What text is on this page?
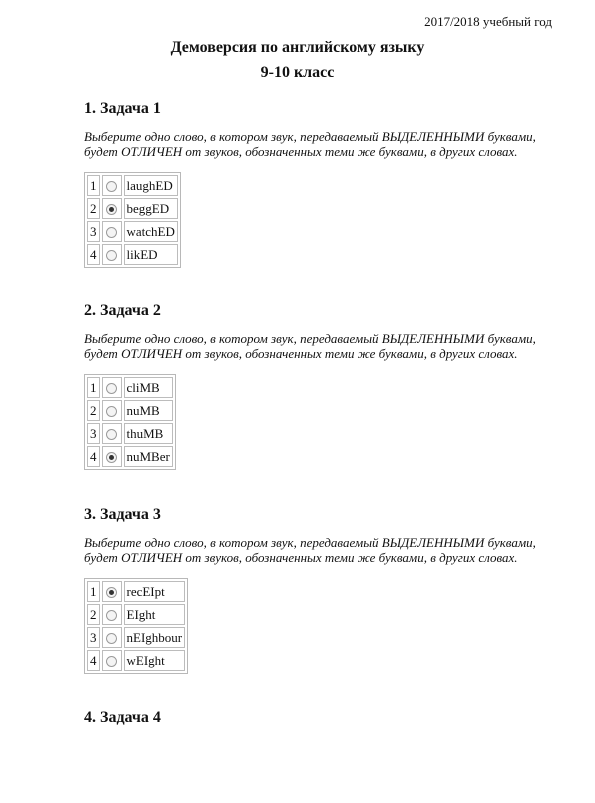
2017/2018 учебный год
Демоверсия по английскому языку
9-10 класс
1. Задача 1

Выберите одно слово, в котором звук, передаваемый ВЫДЕЛЕННЫМИ буквами, будет ОТЛИЧЕН от звуков, обозначенных теми же буквами, в других словах.

1		laughED
2		beggED
3		watchED
4		likED
2. Задача 2

Выберите одно слово, в котором звук, передаваемый ВЫДЕЛЕННЫМИ буквами, будет ОТЛИЧЕН от звуков, обозначенных теми же буквами, в других словах.

1		cliMB
2		nuMB
3		thuMB
4		nuMBer
3. Задача 3

Выберите одно слово, в котором звук, передаваемый ВЫДЕЛЕННЫМИ буквами, будет ОТЛИЧЕН от звуков, обозначенных теми же буквами, в других словах.

1		recEIpt
2		EIght
3		nEIghbour
4		wEIght
4. Задача 4
